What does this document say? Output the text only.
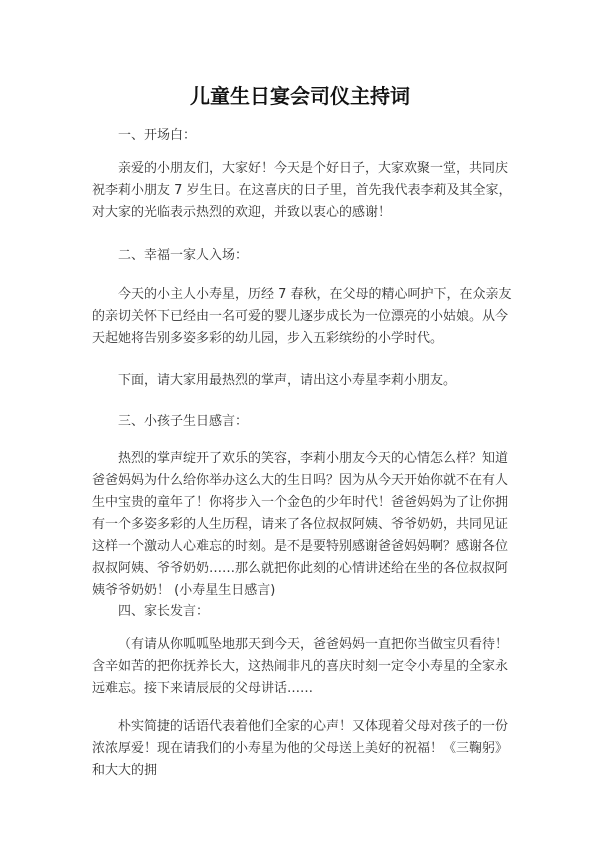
儿童生日宴会司仪主持词
一、开场白：

亲爱的小朋友们，大家好！今天是个好日子，大家欢聚一堂，共同庆祝李莉小朋友 7 岁生日。在这喜庆的日子里，首先我代表李莉及其全家，对大家的光临表示热烈的欢迎，并致以衷心的感谢！

二、幸福一家人入场：

今天的小主人小寿星，历经 7 春秋，在父母的精心呵护下，在众亲友的亲切关怀下已经由一名可爱的婴儿逐步成长为一位漂亮的小姑娘。从今天起她将告别多姿多彩的幼儿园，步入五彩缤纷的小学时代。

下面，请大家用最热烈的掌声，请出这小寿星李莉小朋友。

三、小孩子生日感言：

热烈的掌声绽开了欢乐的笑容，李莉小朋友今天的心情怎么样？知道爸爸妈妈为什么给你举办这么大的生日吗？因为从今天开始你就不在有人生中宝贵的童年了！你将步入一个金色的少年时代！爸爸妈妈为了让你拥有一个多姿多彩的人生历程，请来了各位叔叔阿姨、爷爷奶奶，共同见证这样一个激动人心难忘的时刻。是不是要特别感谢爸爸妈妈啊？感谢各位叔叔阿姨、爷爷奶奶……那么就把你此刻的心情讲述给在坐的各位叔叔阿姨爷爷奶奶！ (小寿星生日感言)

四、家长发言：

（有请从你呱呱坠地那天到今天，爸爸妈妈一直把你当做宝贝看待！含辛如苦的把你抚养长大，这热闹非凡的喜庆时刻一定令小寿星的全家永远难忘。接下来请辰辰的父母讲话……

朴实简捷的话语代表着他们全家的心声！又体现着父母对孩子的一份浓浓厚爱！现在请我们的小寿星为他的父母送上美好的祝福！《三鞠躬》和大大的拥
